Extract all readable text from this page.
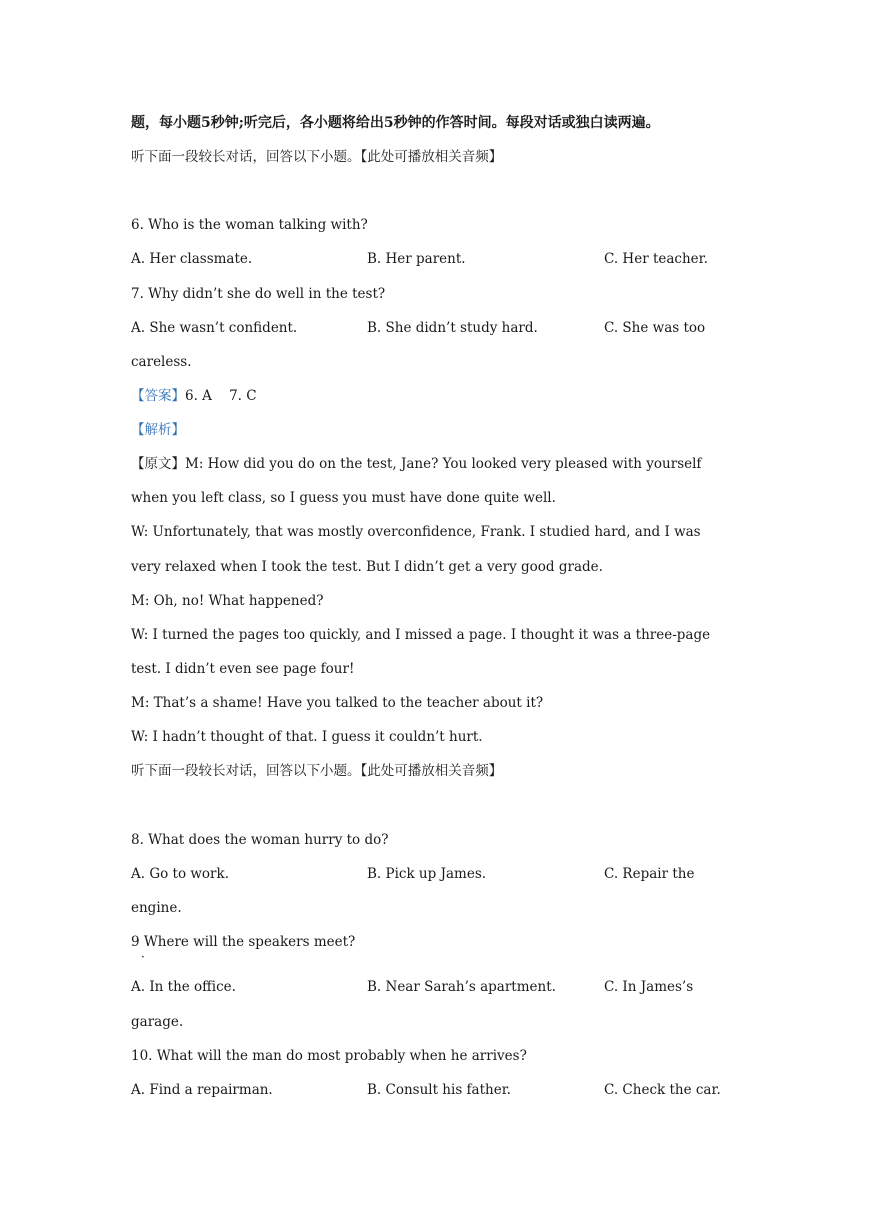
题，每小题5秒钟;听完后，各小题将给出5秒钟的作答时间。每段对话或独白读两遍。
听下面一段较长对话，回答以下小题。【此处可播放相关音频】
6. Who is the woman talking with?
A. Her classmate.	B. Her parent.	C. Her teacher.
7. Why didn’t she do well in the test?
A. She wasn’t confident.	B. She didn’t study hard.	C. She was too
careless.
【答案】6. A    7. C
【解析】
【原文】M: How did you do on the test, Jane? You looked very pleased with yourself
when you left class, so I guess you must have done quite well.
W: Unfortunately, that was mostly overconfidence, Frank. I studied hard, and I was
very relaxed when I took the test. But I didn’t get a very good grade.
M: Oh, no! What happened?
W: I turned the pages too quickly, and I missed a page. I thought it was a three-page
test. I didn’t even see page four!
M: That’s a shame! Have you talked to the teacher about it?
W: I hadn’t thought of that. I guess it couldn’t hurt.
听下面一段较长对话，回答以下小题。【此处可播放相关音频】
8. What does the woman hurry to do?
A. Go to work.	B. Pick up James.	C. Repair the
engine.
9 Where will the speakers meet?
·
A. In the office.	B. Near Sarah’s apartment.	C. In James’s
garage.
10. What will the man do most probably when he arrives?
A. Find a repairman.	B. Consult his father.	C. Check the car.
